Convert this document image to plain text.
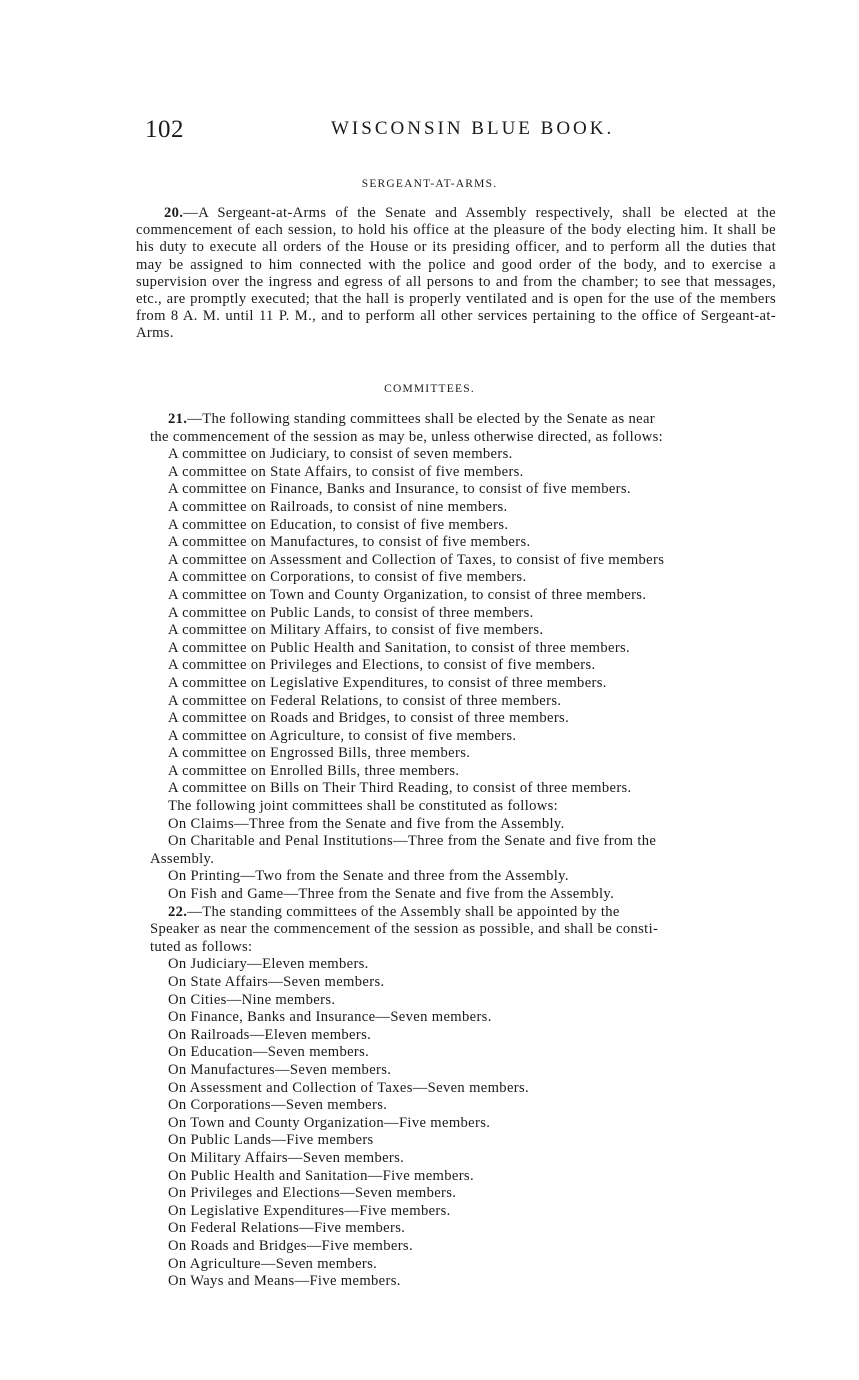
102	WISCONSIN BLUE BOOK.
SERGEANT-AT-ARMS.
20.—A Sergeant-at-Arms of the Senate and Assembly respectively, shall be elected at the commencement of each session, to hold his office at the pleasure of the body electing him. It shall be his duty to execute all orders of the House or its presiding officer, and to perform all the duties that may be assigned to him connected with the police and good order of the body, and to exercise a supervision over the ingress and egress of all persons to and from the chamber; to see that messages, etc., are promptly executed; that the hall is properly ventilated and is open for the use of the members from 8 A. M. until 11 P. M., and to perform all other services pertaining to the office of Sergeant-at-Arms.
COMMITTEES.
21.—The following standing committees shall be elected by the Senate as near
the commencement of the session as may be, unless otherwise directed, as follows:
A committee on Judiciary, to consist of seven members.
A committee on State Affairs, to consist of five members.
A committee on Finance, Banks and Insurance, to consist of five members.
A committee on Railroads, to consist of nine members.
A committee on Education, to consist of five members.
A committee on Manufactures, to consist of five members.
A committee on Assessment and Collection of Taxes, to consist of five members
A committee on Corporations, to consist of five members.
A committee on Town and County Organization, to consist of three members.
A committee on Public Lands, to consist of three members.
A committee on Military Affairs, to consist of five members.
A committee on Public Health and Sanitation, to consist of three members.
A committee on Privileges and Elections, to consist of five members.
A committee on Legislative Expenditures, to consist of three members.
A committee on Federal Relations, to consist of three members.
A committee on Roads and Bridges, to consist of three members.
A committee on Agriculture, to consist of five members.
A committee on Engrossed Bills, three members.
A committee on Enrolled Bills, three members.
A committee on Bills on Their Third Reading, to consist of three members.
The following joint committees shall be constituted as follows:
On Claims—Three from the Senate and five from the Assembly.
On Charitable and Penal Institutions—Three from the Senate and five from the
Assembly.
On Printing—Two from the Senate and three from the Assembly.
On Fish and Game—Three from the Senate and five from the Assembly.
22.—The standing committees of the Assembly shall be appointed by the
Speaker as near the commencement of the session as possible, and shall be consti-
tuted as follows:
On Judiciary—Eleven members.
On State Affairs—Seven members.
On Cities—Nine members.
On Finance, Banks and Insurance—Seven members.
On Railroads—Eleven members.
On Education—Seven members.
On Manufactures—Seven members.
On Assessment and Collection of Taxes—Seven members.
On Corporations—Seven members.
On Town and County Organization—Five members.
On Public Lands—Five members
On Military Affairs—Seven members.
On Public Health and Sanitation—Five members.
On Privileges and Elections—Seven members.
On Legislative Expenditures—Five members.
On Federal Relations—Five members.
On Roads and Bridges—Five members.
On Agriculture—Seven members.
On Ways and Means—Five members.
